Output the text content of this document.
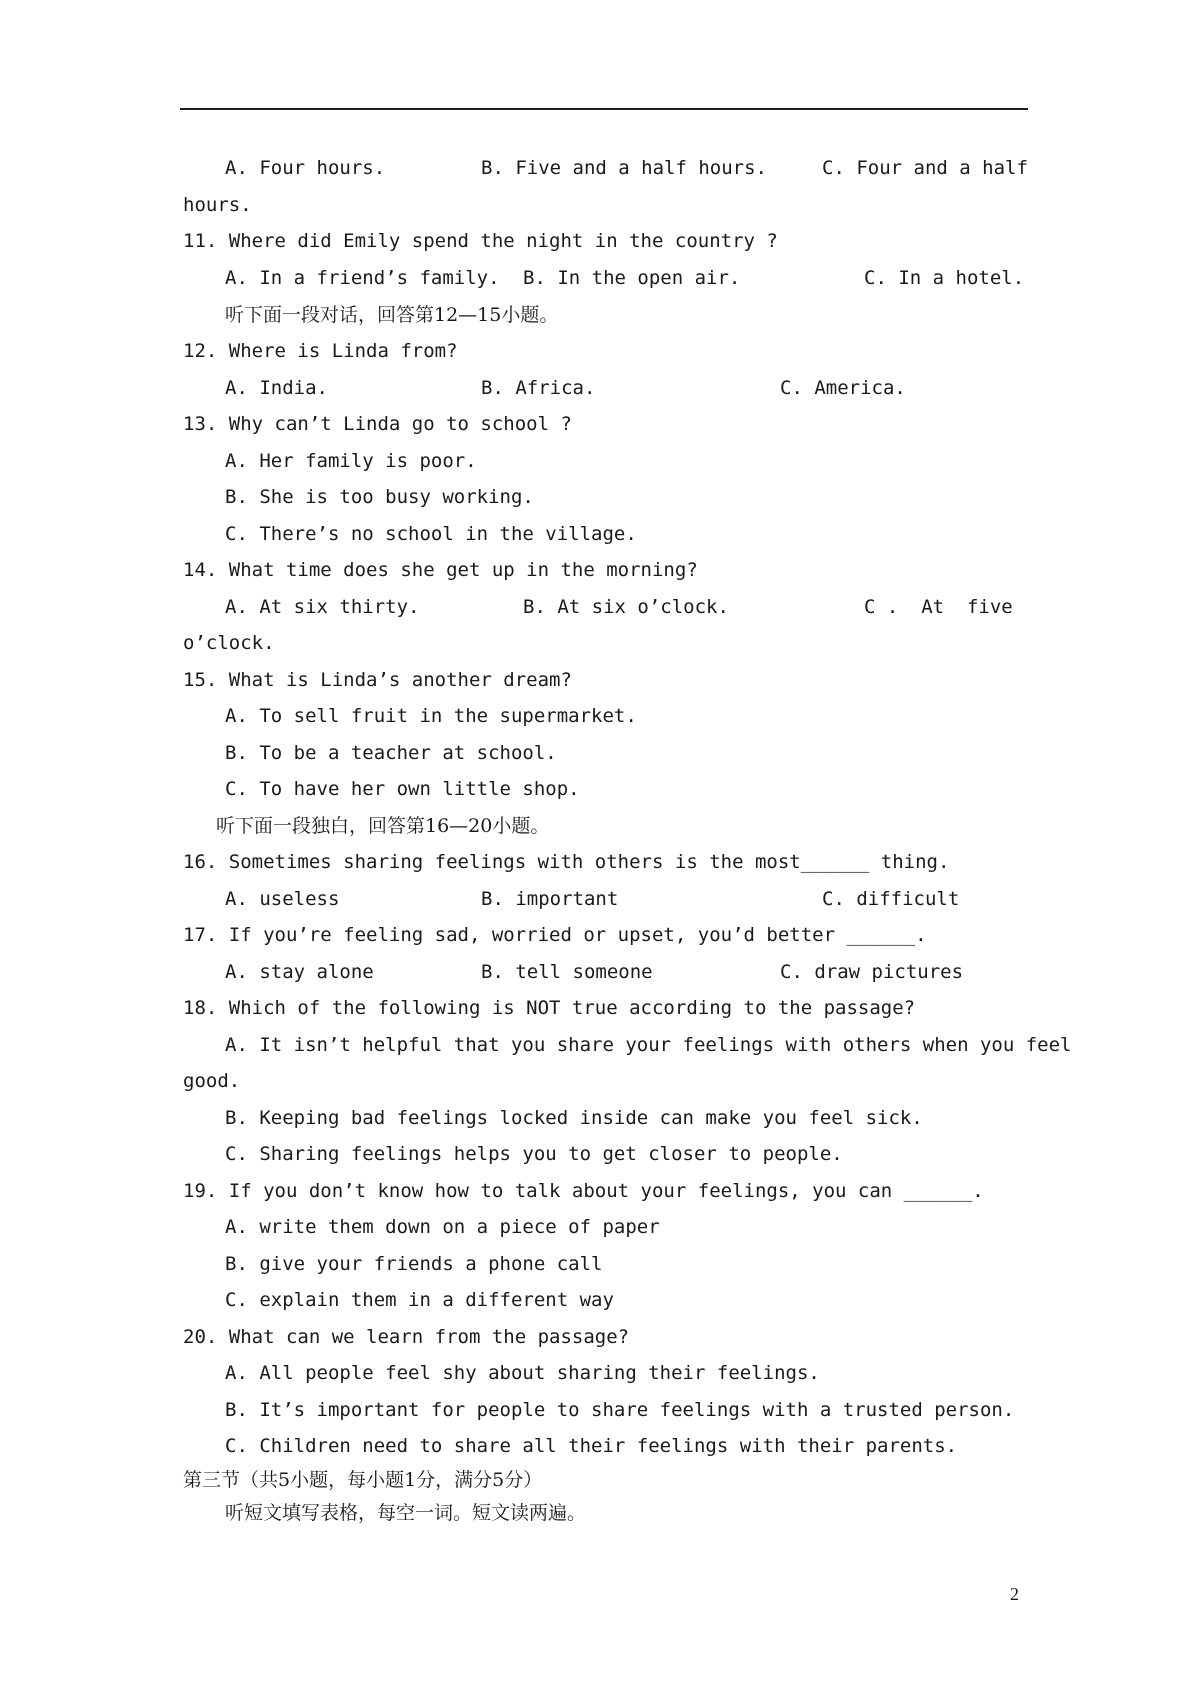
A. Four hours.	B. Five and a half hours.	C. Four and a half
hours.
11. Where did Emily spend the night in the country ?
A. In a friend’s family. B. In the open air.	C. In a hotel.
听下面一段对话，回答第12—15小题。
12. Where is Linda from?
A. India.	B. Africa.	C. America.
13. Why can’t Linda go to school ?
A. Her family is poor.
B. She is too busy working.
C. There’s no school in the village.
14. What time does she get up in the morning?
A. At six thirty.	B. At six o’clock.	C .  At  five
o’clock.
15. What is Linda’s another dream?
A. To sell fruit in the supermarket.
B. To be a teacher at school.
C. To have her own little shop.
听下面一段独白，回答第16—20小题。
16. Sometimes sharing feelings with others is the most______ thing.
A. useless	B. important	C. difficult
17. If you’re feeling sad, worried or upset, you’d better ______.
A. stay alone	B. tell someone	C. draw pictures
18. Which of the following is NOT true according to the passage?
A. It isn’t helpful that you share your feelings with others when you feel
good.
B. Keeping bad feelings locked inside can make you feel sick.
C. Sharing feelings helps you to get closer to people.
19. If you don’t know how to talk about your feelings, you can ______.
A. write them down on a piece of paper
B. give your friends a phone call
C. explain them in a different way
20. What can we learn from the passage?
A. All people feel shy about sharing their feelings.
B. It’s important for people to share feelings with a trusted person.
C. Children need to share all their feelings with their parents.
第三节（共5小题，每小题1分，满分5分）
听短文填写表格，每空一词。短文读两遍。
2
